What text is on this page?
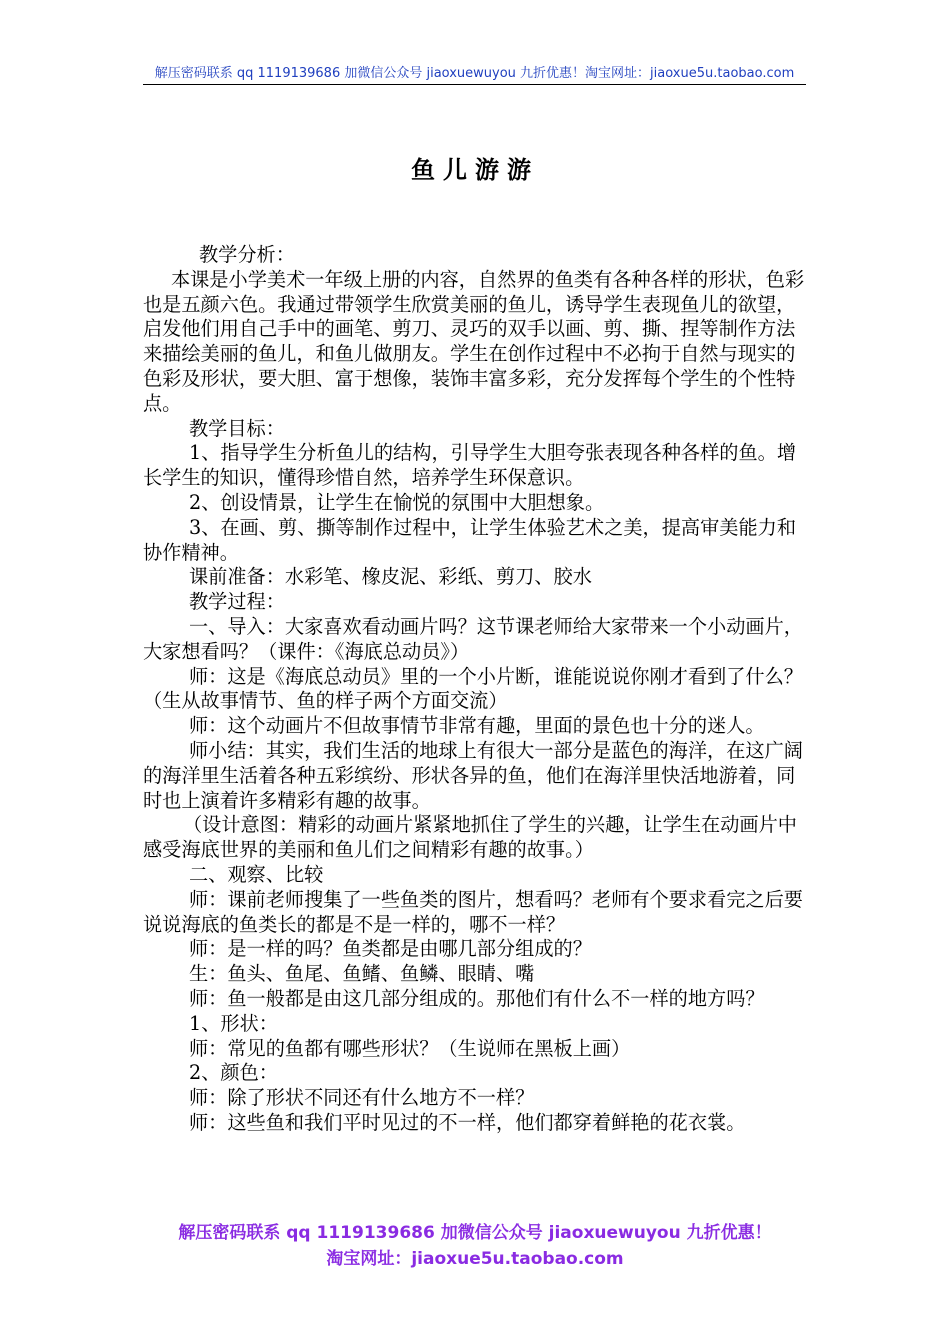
解压密码联系 qq 1119139686 加微信公众号 jiaoxuewuyou 九折优惠！淘宝网址：jiaoxue5u.taobao.com
鱼儿游游

教学分析：

本课是小学美术一年级上册的内容，自然界的鱼类有各种各样的形状，色彩也是五颜六色。我通过带领学生欣赏美丽的鱼儿，诱导学生表现鱼儿的欲望，启发他们用自己手中的画笔、剪刀、灵巧的双手以画、剪、撕、捏等制作方法来描绘美丽的鱼儿，和鱼儿做朋友。学生在创作过程中不必拘于自然与现实的色彩及形状，要大胆、富于想像，装饰丰富多彩，充分发挥每个学生的个性特点。

教学目标：

1、指导学生分析鱼儿的结构，引导学生大胆夸张表现各种各样的鱼。增长学生的知识，懂得珍惜自然，培养学生环保意识。

2、创设情景，让学生在愉悦的氛围中大胆想象。

3、在画、剪、撕等制作过程中，让学生体验艺术之美，提高审美能力和协作精神。

课前准备：水彩笔、橡皮泥、彩纸、剪刀、胶水

教学过程：

一、导入：大家喜欢看动画片吗？这节课老师给大家带来一个小动画片，大家想看吗？（课件：《海底总动员》）

师：这是《海底总动员》里的一个小片断，谁能说说你刚才看到了什么？

（生从故事情节、鱼的样子两个方面交流）

师：这个动画片不但故事情节非常有趣，里面的景色也十分的迷人。

师小结：其实，我们生活的地球上有很大一部分是蓝色的海洋，在这广阔的海洋里生活着各种五彩缤纷、形状各异的鱼，他们在海洋里快活地游着，同时也上演着许多精彩有趣的故事。

（设计意图：精彩的动画片紧紧地抓住了学生的兴趣，让学生在动画片中感受海底世界的美丽和鱼儿们之间精彩有趣的故事。）

二、观察、比较

师：课前老师搜集了一些鱼类的图片，想看吗？老师有个要求看完之后要说说海底的鱼类长的都是不是一样的，哪不一样？

师：是一样的吗？鱼类都是由哪几部分组成的？

生：鱼头、鱼尾、鱼鳍、鱼鳞、眼睛、嘴

师：鱼一般都是由这几部分组成的。那他们有什么不一样的地方吗？

1、形状：

师：常见的鱼都有哪些形状？（生说师在黑板上画）

2、颜色：

师：除了形状不同还有什么地方不一样？

师：这些鱼和我们平时见过的不一样，他们都穿着鲜艳的花衣裳。

解压密码联系 qq 1119139686 加微信公众号 jiaoxuewuyou 九折优惠！
淘宝网址：jiaoxue5u.taobao.com
